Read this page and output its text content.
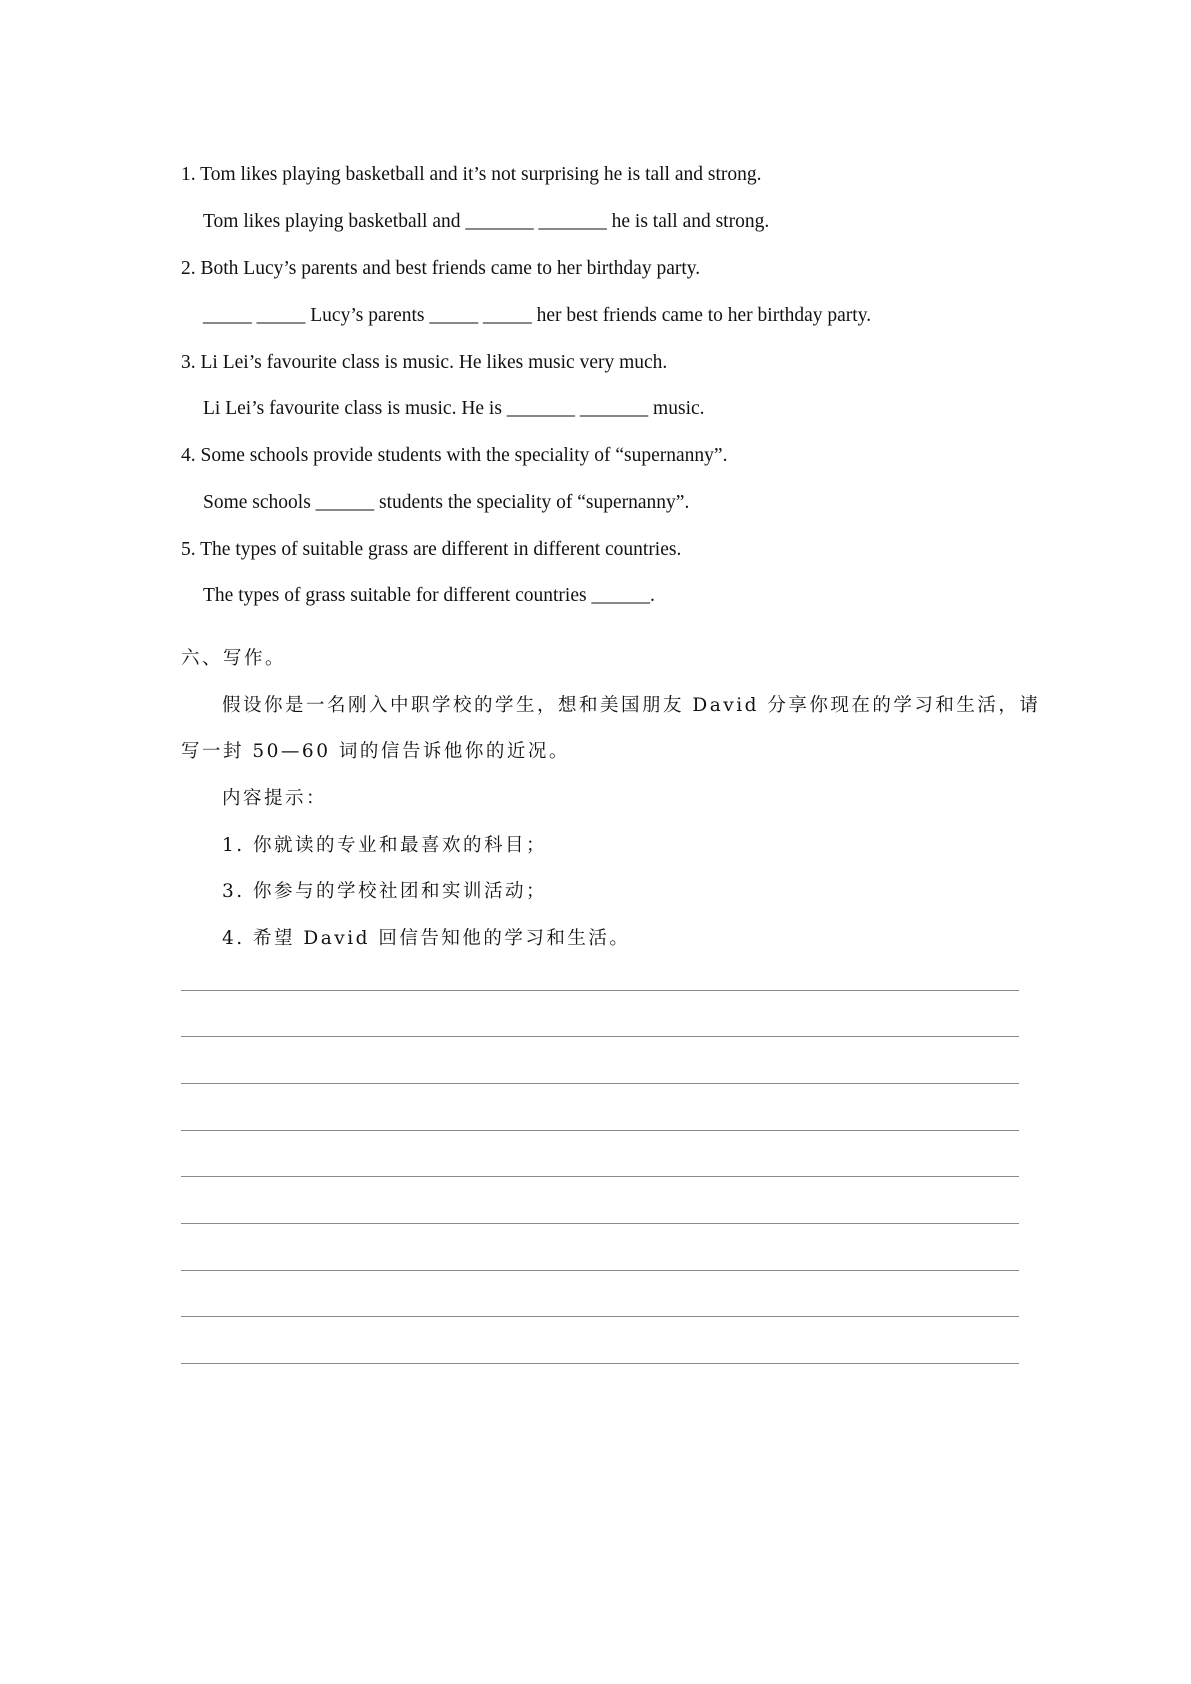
1. Tom likes playing basketball and it’s not surprising he is tall and strong.
Tom likes playing basketball and _______ _______ he is tall and strong.
2. Both Lucy’s parents and best friends came to her birthday party.
_____ _____ Lucy’s parents _____ _____ her best friends came to her birthday party.
3. Li Lei’s favourite class is music. He likes music very much.
Li Lei’s favourite class is music. He is _______ _______ music.
4. Some schools provide students with the speciality of “supernanny”.
Some schools ______ students the speciality of “supernanny”.
5. The types of suitable grass are different in different countries.
The types of grass suitable for different countries ______.
六、写作。
假设你是一名刚入中职学校的学生，想和美国朋友 David 分享你现在的学习和生活，请
写一封 50—60 词的信告诉他你的近况。
内容提示：
1. 你就读的专业和最喜欢的科目；
3. 你参与的学校社团和实训活动；
4. 希望 David 回信告知他的学习和生活。
